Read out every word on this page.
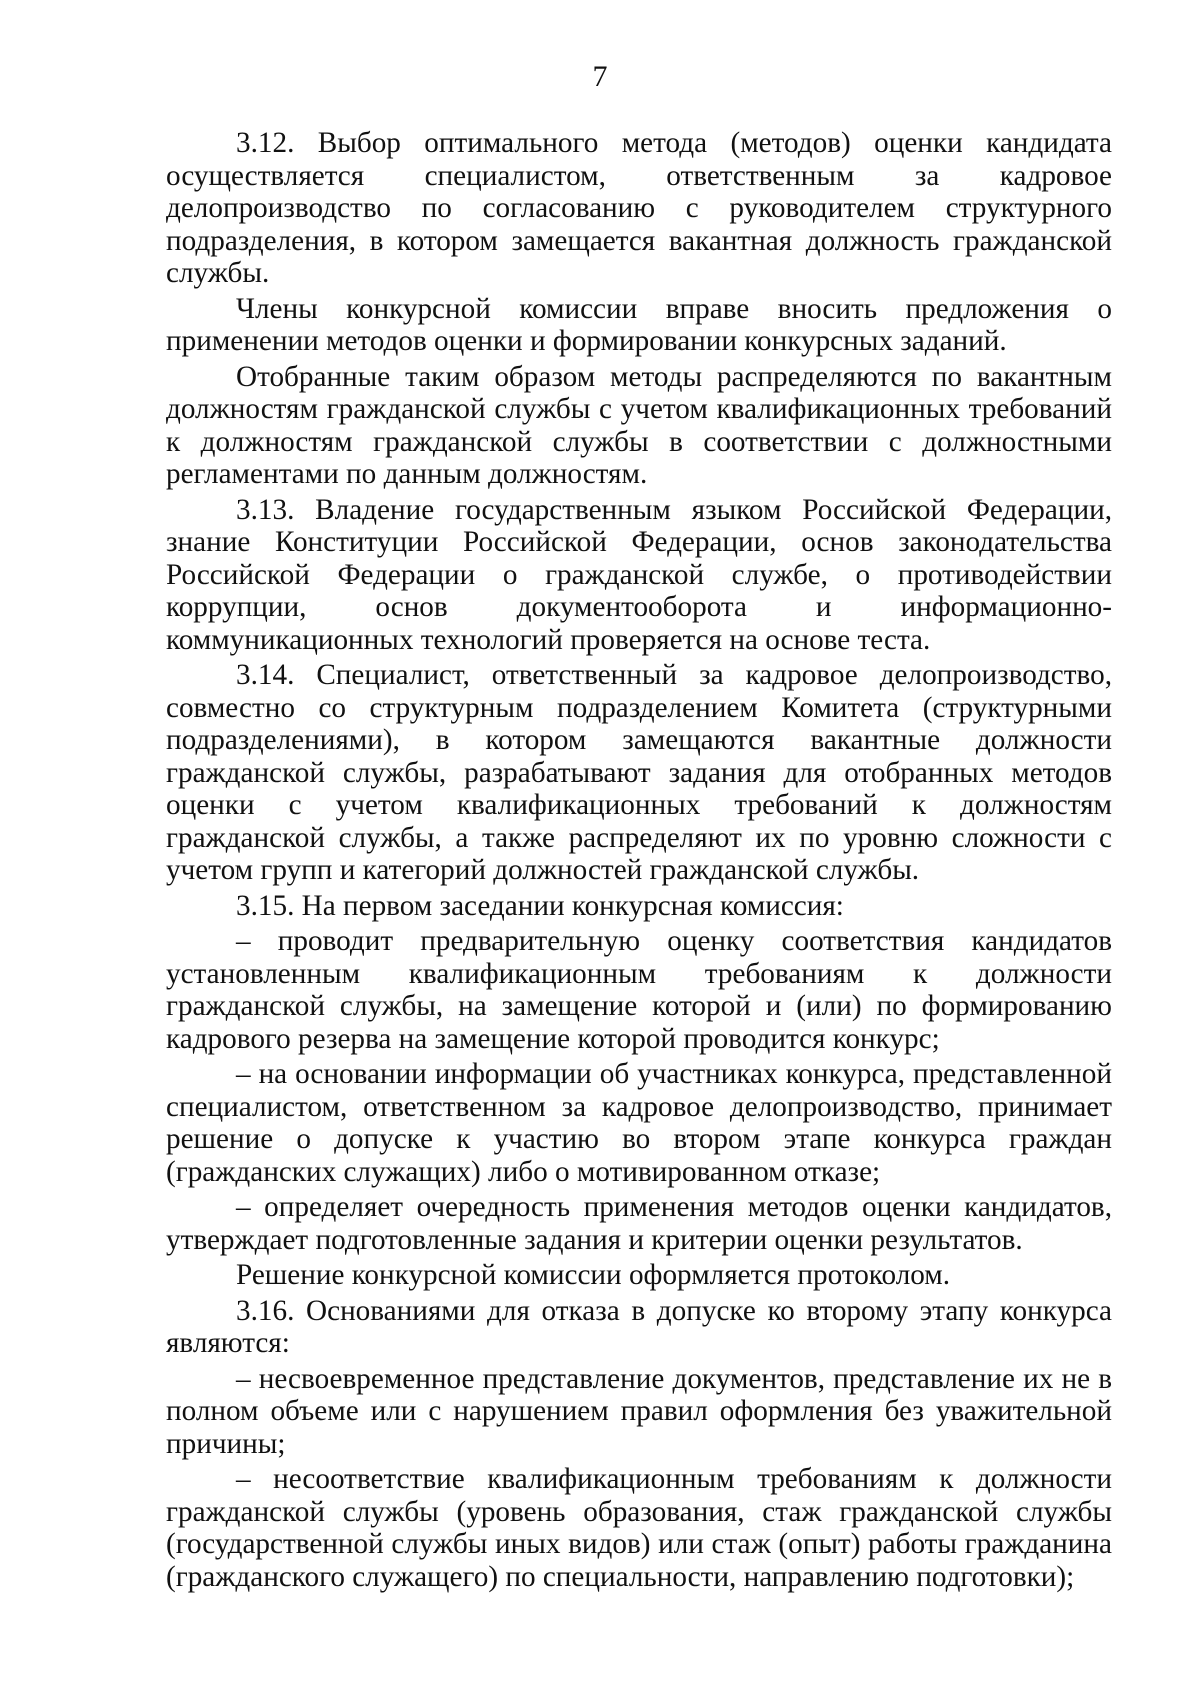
7

3.12. Выбор оптимального метода (методов) оценки кандидата осуществляется специалистом, ответственным за кадровое делопроизводство по согласованию с руководителем структурного подразделения, в котором замещается вакантная должность гражданской службы.

Члены конкурсной комиссии вправе вносить предложения о применении методов оценки и формировании конкурсных заданий.

Отобранные таким образом методы распределяются по вакантным должностям гражданской службы с учетом квалификационных требований к должностям гражданской службы в соответствии с должностными регламентами по данным должностям.

3.13. Владение государственным языком Российской Федерации, знание Конституции Российской Федерации, основ законодательства Российской Федерации о гражданской службе, о противодействии коррупции, основ документооборота и информационно-коммуникационных технологий проверяется на основе теста.

3.14. Специалист, ответственный за кадровое делопроизводство, совместно со структурным подразделением Комитета (структурными подразделениями), в котором замещаются вакантные должности гражданской службы, разрабатывают задания для отобранных методов оценки с учетом квалификационных требований к должностям гражданской службы, а также распределяют их по уровню сложности с учетом групп и категорий должностей гражданской службы.

3.15. На первом заседании конкурсная комиссия:

– проводит предварительную оценку соответствия кандидатов установленным квалификационным требованиям к должности гражданской службы, на замещение которой и (или) по формированию кадрового резерва на замещение которой проводится конкурс;

– на основании информации об участниках конкурса, представленной специалистом, ответственном за кадровое делопроизводство, принимает решение о допуске к участию во втором этапе конкурса граждан (гражданских служащих) либо о мотивированном отказе;

– определяет очередность применения методов оценки кандидатов, утверждает подготовленные задания и критерии оценки результатов.

Решение конкурсной комиссии оформляется протоколом.

3.16. Основаниями для отказа в допуске ко второму этапу конкурса являются:

– несвоевременное представление документов, представление их не в полном объеме или с нарушением правил оформления без уважительной причины;

– несоответствие квалификационным требованиям к должности гражданской службы (уровень образования, стаж гражданской службы (государственной службы иных видов) или стаж (опыт) работы гражданина (гражданского служащего) по специальности, направлению подготовки);
